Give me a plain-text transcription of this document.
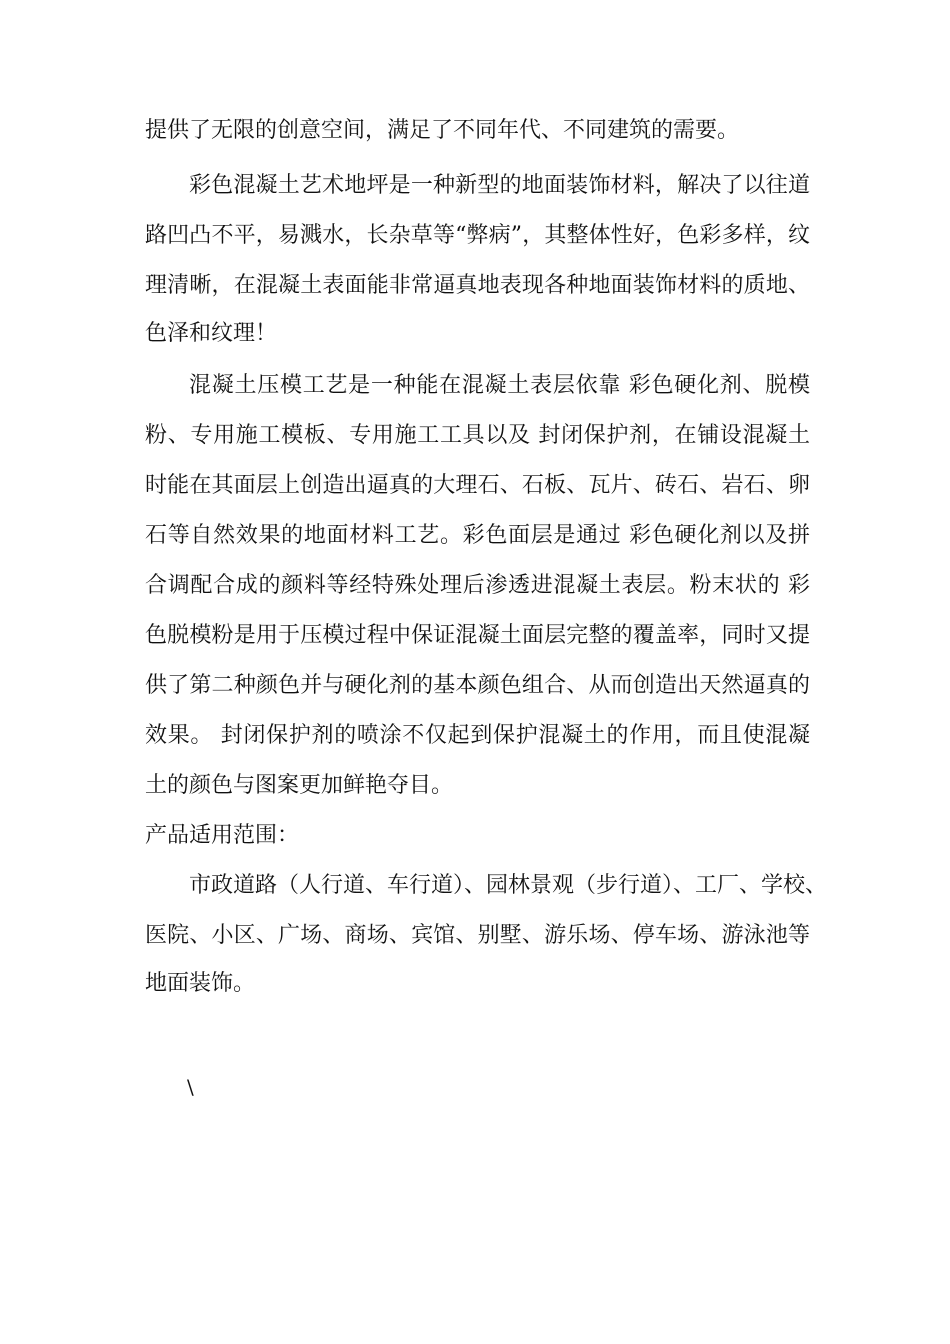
提供了无限的创意空间，满足了不同年代、不同建筑的需要。
彩色混凝土艺术地坪是一种新型的地面装饰材料，解决了以往道
路凹凸不平，易溅水，长杂草等“弊病”，其整体性好，色彩多样，纹
理清晰，在混凝土表面能非常逼真地表现各种地面装饰材料的质地、
色泽和纹理！
混凝土压模工艺是一种能在混凝土表层依靠 彩色硬化剂、脱模
粉、专用施工模板、专用施工工具以及 封闭保护剂，在铺设混凝土
时能在其面层上创造出逼真的大理石、石板、瓦片、砖石、岩石、卵
石等自然效果的地面材料工艺。彩色面层是通过 彩色硬化剂以及拼
合调配合成的颜料等经特殊处理后渗透进混凝土表层。粉末状的 彩
色脱模粉是用于压模过程中保证混凝土面层完整的覆盖率，同时又提
供了第二种颜色并与硬化剂的基本颜色组合、从而创造出天然逼真的
效果。 封闭保护剂的喷涂不仅起到保护混凝土的作用，而且使混凝
土的颜色与图案更加鲜艳夺目。
产品适用范围：
市政道路（人行道、车行道）、园林景观（步行道）、工厂、学校、
医院、小区、广场、商场、宾馆、别墅、游乐场、停车场、游泳池等
地面装饰。
\
